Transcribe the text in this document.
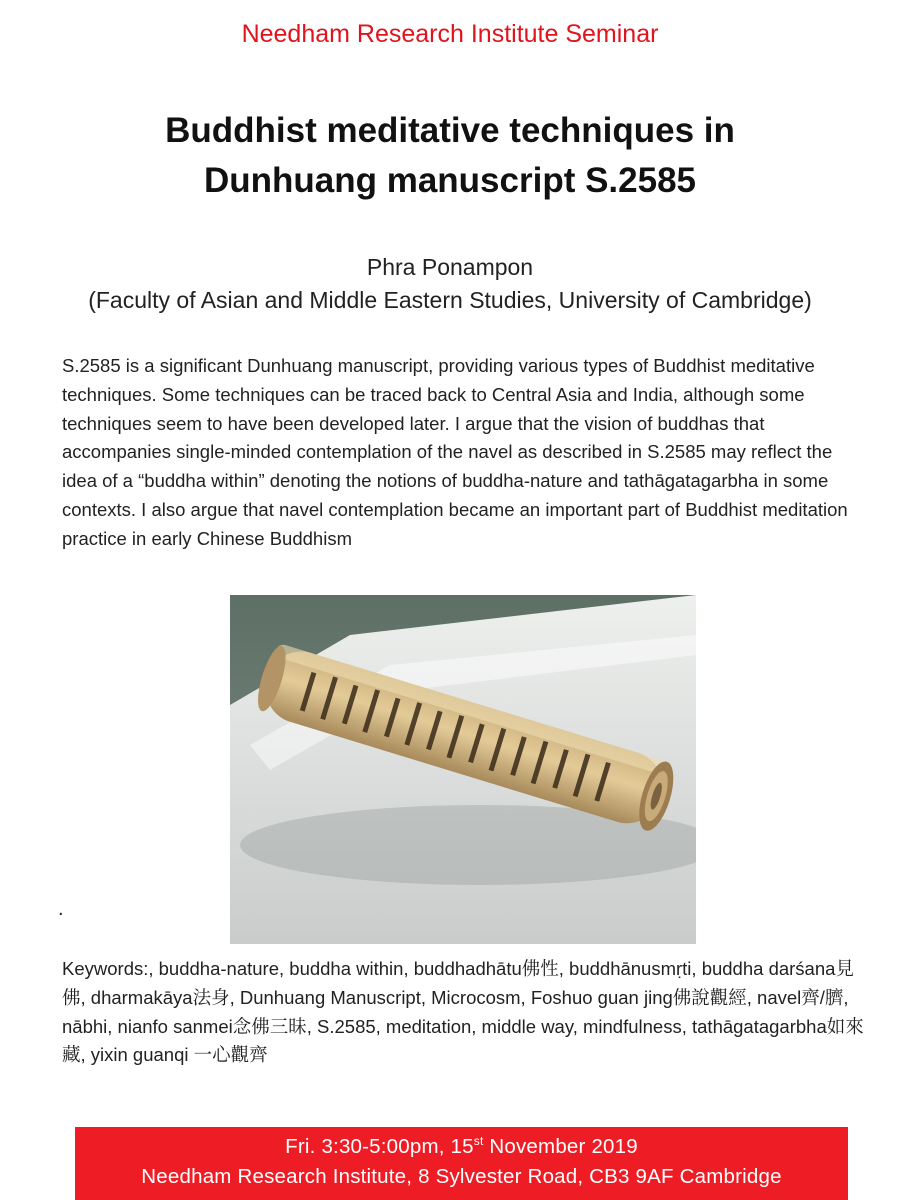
Needham Research Institute Seminar
Buddhist meditative techniques in
Dunhuang manuscript S.2585
Phra Ponampon
(Faculty of Asian and Middle Eastern Studies, University of Cambridge)
S.2585 is a significant Dunhuang manuscript, providing various types of Buddhist meditative techniques. Some techniques can be traced back to Central Asia and India, although some techniques seem to have been developed later. I argue that the vision of buddhas that accompanies single-minded contemplation of the navel as described in S.2585 may reflect the idea of a “buddha within” denoting the notions of buddha-nature and tathāgatagarbha in some contexts. I also argue that navel contemplation became an important part of Buddhist meditation practice in early Chinese Buddhism
.
Keywords:, buddha-nature, buddha within, buddhadhātu佛性, buddhānusmṛti, buddha darśana見佛, dharmakāya法身, Dunhuang Manuscript, Microcosm, Foshuo guan jing佛說觀經, navel齊/臍, nābhi, nianfo sanmei念佛三昧, S.2585, meditation, middle way, mindfulness, tathāgatagarbha如來藏, yixin guanqi 一心觀齊
Fri. 3:30-5:00pm, 15st November 2019
Needham Research Institute, 8 Sylvester Road, CB3 9AF Cambridge
